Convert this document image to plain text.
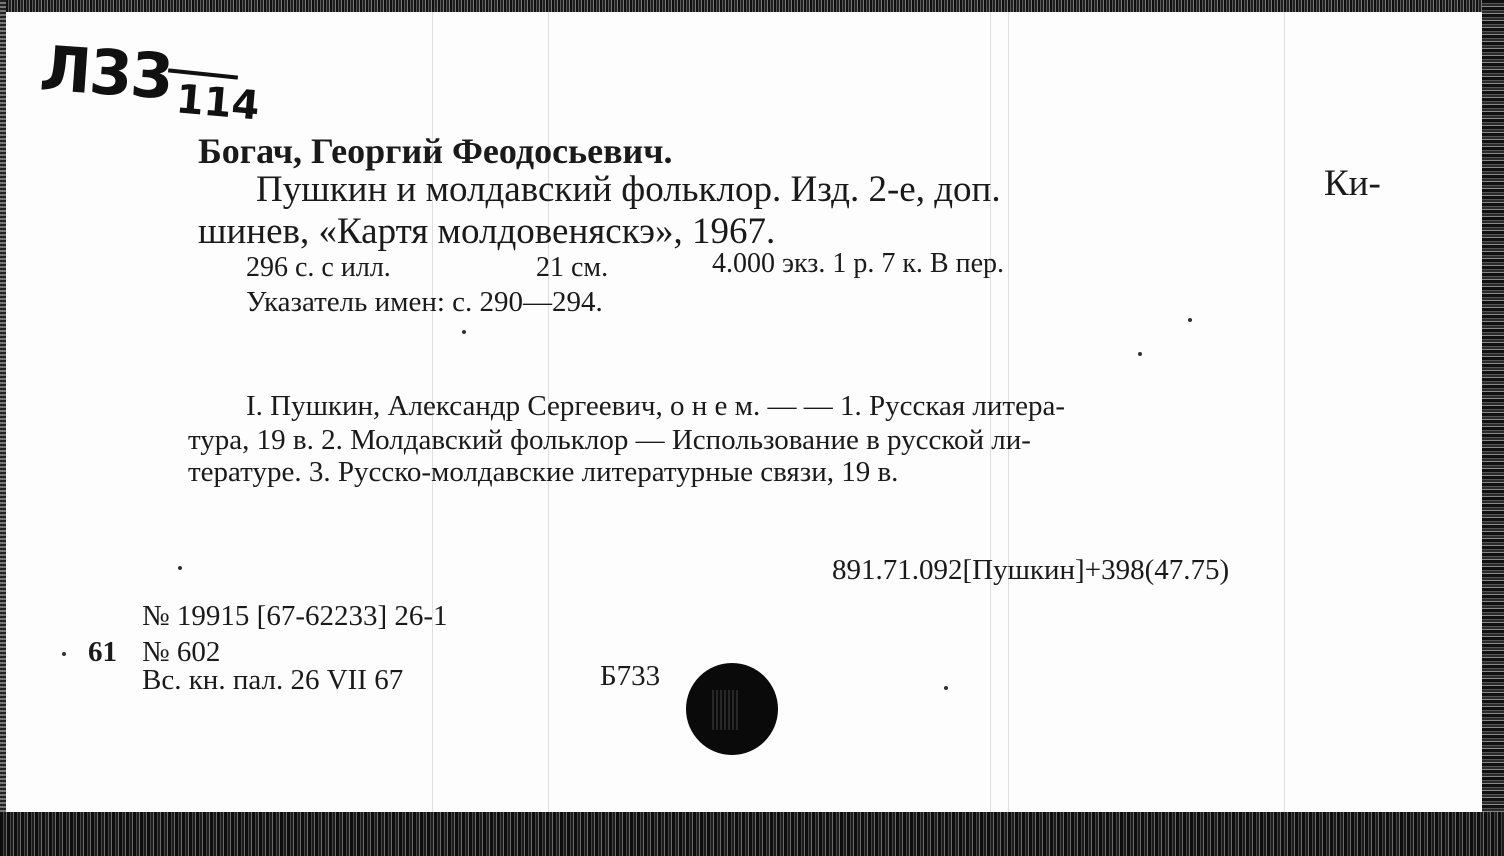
Л33 114
Богач, Георгий Феодосьевич.
Пушкин и молдавский фольклор. Изд. 2-е, доп.	Ки-
шинев, «Картя молдовеняскэ», 1967.
296 с. с илл.	21 см.	4.000 экз. 1 р. 7 к. В пер.
Указатель имен: с. 290—294.
I. Пушкин, Александр Сергеевич, о н е м. — — 1. Русская литера-
тура, 19 в. 2. Молдавский фольклор — Использование в русской ли-
тературе. 3. Русско-молдавские литературные связи, 19 в.
891.71.092[Пушкин]+398(47.75)
№ 19915 [67-62233] 26-1
61 № 602
Вс. кн. пал. 26 VII 67	Б733
